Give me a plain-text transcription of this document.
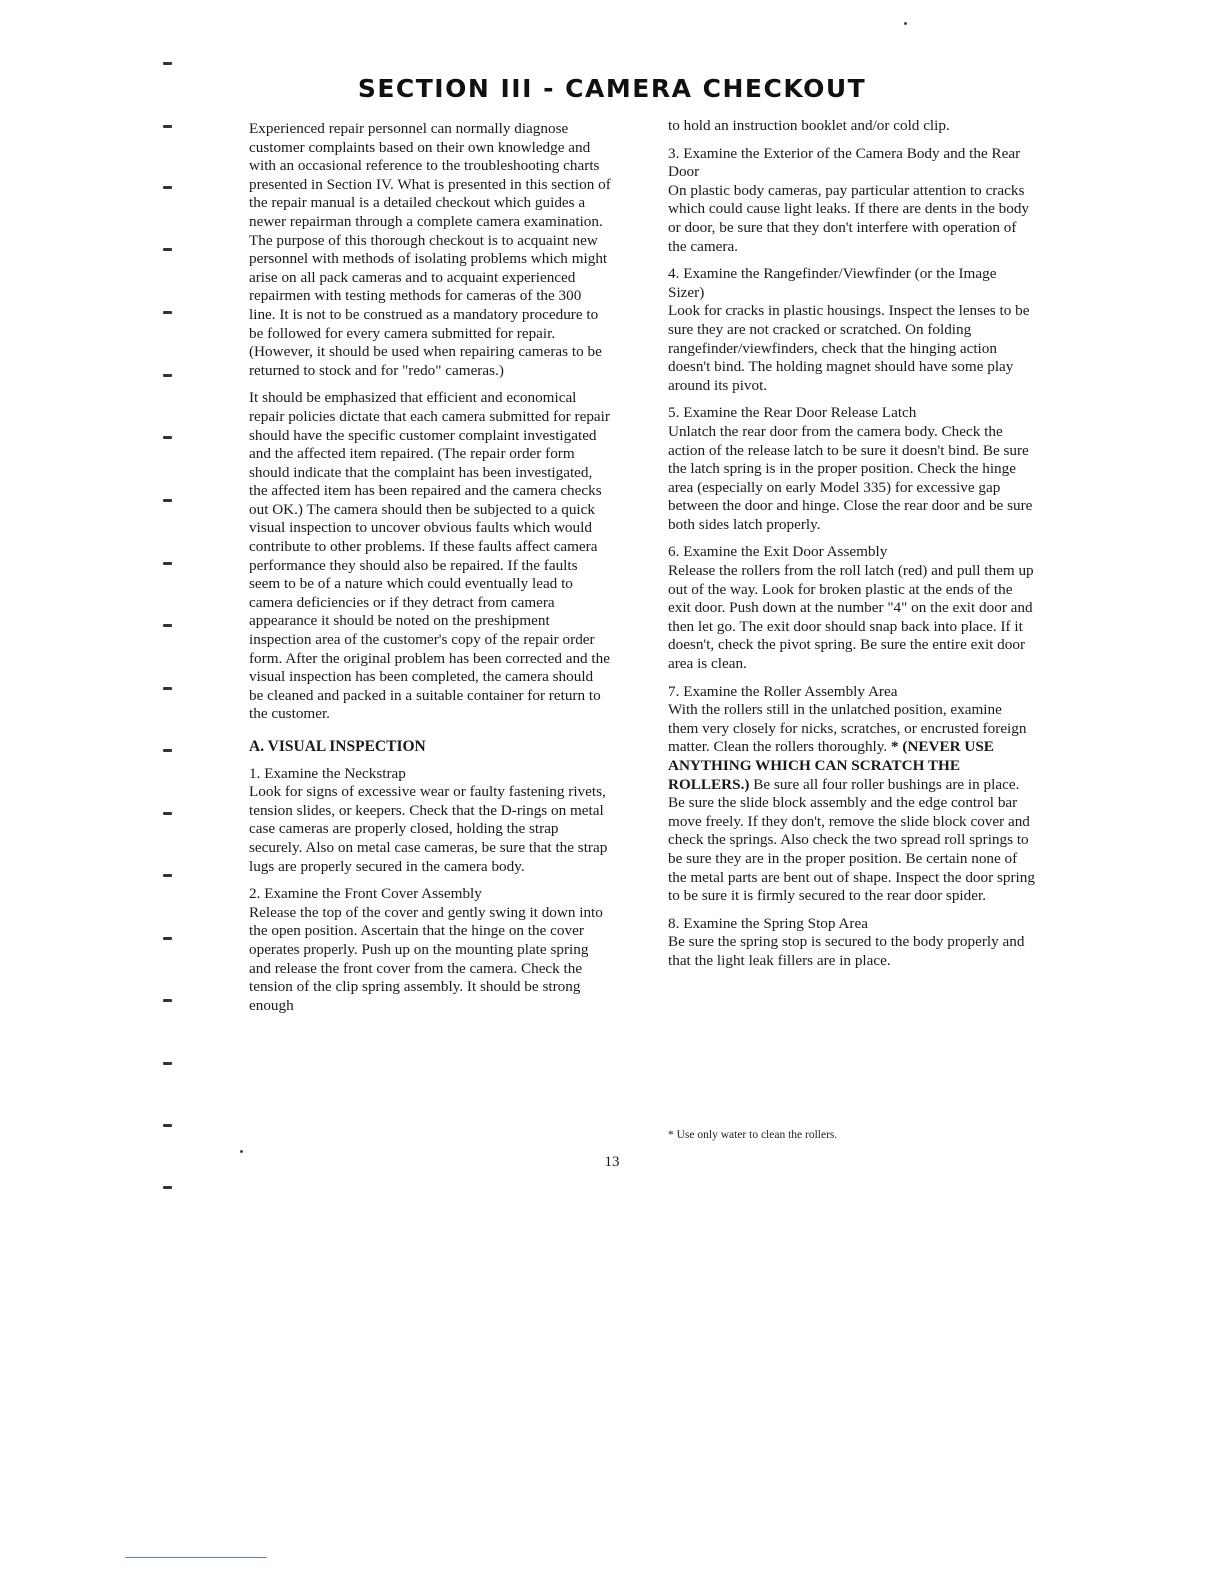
SECTION III - CAMERA CHECKOUT

Experienced repair personnel can normally diagnose customer complaints based on their own knowledge and with an occasional reference to the troubleshooting charts presented in Section IV. What is presented in this section of the repair manual is a detailed checkout which guides a newer repairman through a complete camera examination. The purpose of this thorough checkout is to acquaint new personnel with methods of isolating problems which might arise on all pack cameras and to acquaint experienced repairmen with testing methods for cameras of the 300 line. It is not to be construed as a mandatory procedure to be followed for every camera submitted for repair. (However, it should be used when repairing cameras to be returned to stock and for "redo" cameras.)

It should be emphasized that efficient and economical repair policies dictate that each camera submitted for repair should have the specific customer complaint investigated and the affected item repaired. (The repair order form should indicate that the complaint has been investigated, the affected item has been repaired and the camera checks out OK.) The camera should then be subjected to a quick visual inspection to uncover obvious faults which would contribute to other problems. If these faults affect camera performance they should also be repaired. If the faults seem to be of a nature which could eventually lead to camera deficiencies or if they detract from camera appearance it should be noted on the preshipment inspection area of the customer's copy of the repair order form. After the original problem has been corrected and the visual inspection has been completed, the camera should be cleaned and packed in a suitable container for return to the customer.

A. VISUAL INSPECTION
1. Examine the Neckstrap
Look for signs of excessive wear or faulty fastening rivets, tension slides, or keepers. Check that the D-rings on metal case cameras are properly closed, holding the strap securely. Also on metal case cameras, be sure that the strap lugs are properly secured in the camera body.
2. Examine the Front Cover Assembly
Release the top of the cover and gently swing it down into the open position. Ascertain that the hinge on the cover operates properly. Push up on the mounting plate spring and release the front cover from the camera. Check the tension of the clip spring assembly. It should be strong enough

to hold an instruction booklet and/or cold clip.

3. Examine the Exterior of the Camera Body and the Rear Door
On plastic body cameras, pay particular attention to cracks which could cause light leaks. If there are dents in the body or door, be sure that they don't interfere with operation of the camera.
4. Examine the Rangefinder/Viewfinder (or the Image Sizer)
Look for cracks in plastic housings. Inspect the lenses to be sure they are not cracked or scratched. On folding rangefinder/viewfinders, check that the hinging action doesn't bind. The holding magnet should have some play around its pivot.
5. Examine the Rear Door Release Latch
Unlatch the rear door from the camera body. Check the action of the release latch to be sure it doesn't bind. Be sure the latch spring is in the proper position. Check the hinge area (especially on early Model 335) for excessive gap between the door and hinge. Close the rear door and be sure both sides latch properly.
6. Examine the Exit Door Assembly
Release the rollers from the roll latch (red) and pull them up out of the way. Look for broken plastic at the ends of the exit door. Push down at the number "4" on the exit door and then let go. The exit door should snap back into place. If it doesn't, check the pivot spring. Be sure the entire exit door area is clean.
7. Examine the Roller Assembly Area
With the rollers still in the unlatched position, examine them very closely for nicks, scratches, or encrusted foreign matter. Clean the rollers thoroughly. * (NEVER USE ANYTHING WHICH CAN SCRATCH THE ROLLERS.) Be sure all four roller bushings are in place. Be sure the slide block assembly and the edge control bar move freely. If they don't, remove the slide block cover and check the springs. Also check the two spread roll springs to be sure they are in the proper position. Be certain none of the metal parts are bent out of shape. Inspect the door spring to be sure it is firmly secured to the rear door spider.
8. Examine the Spring Stop Area
Be sure the spring stop is secured to the body properly and that the light leak fillers are in place.
* Use only water to clean the rollers.
13
